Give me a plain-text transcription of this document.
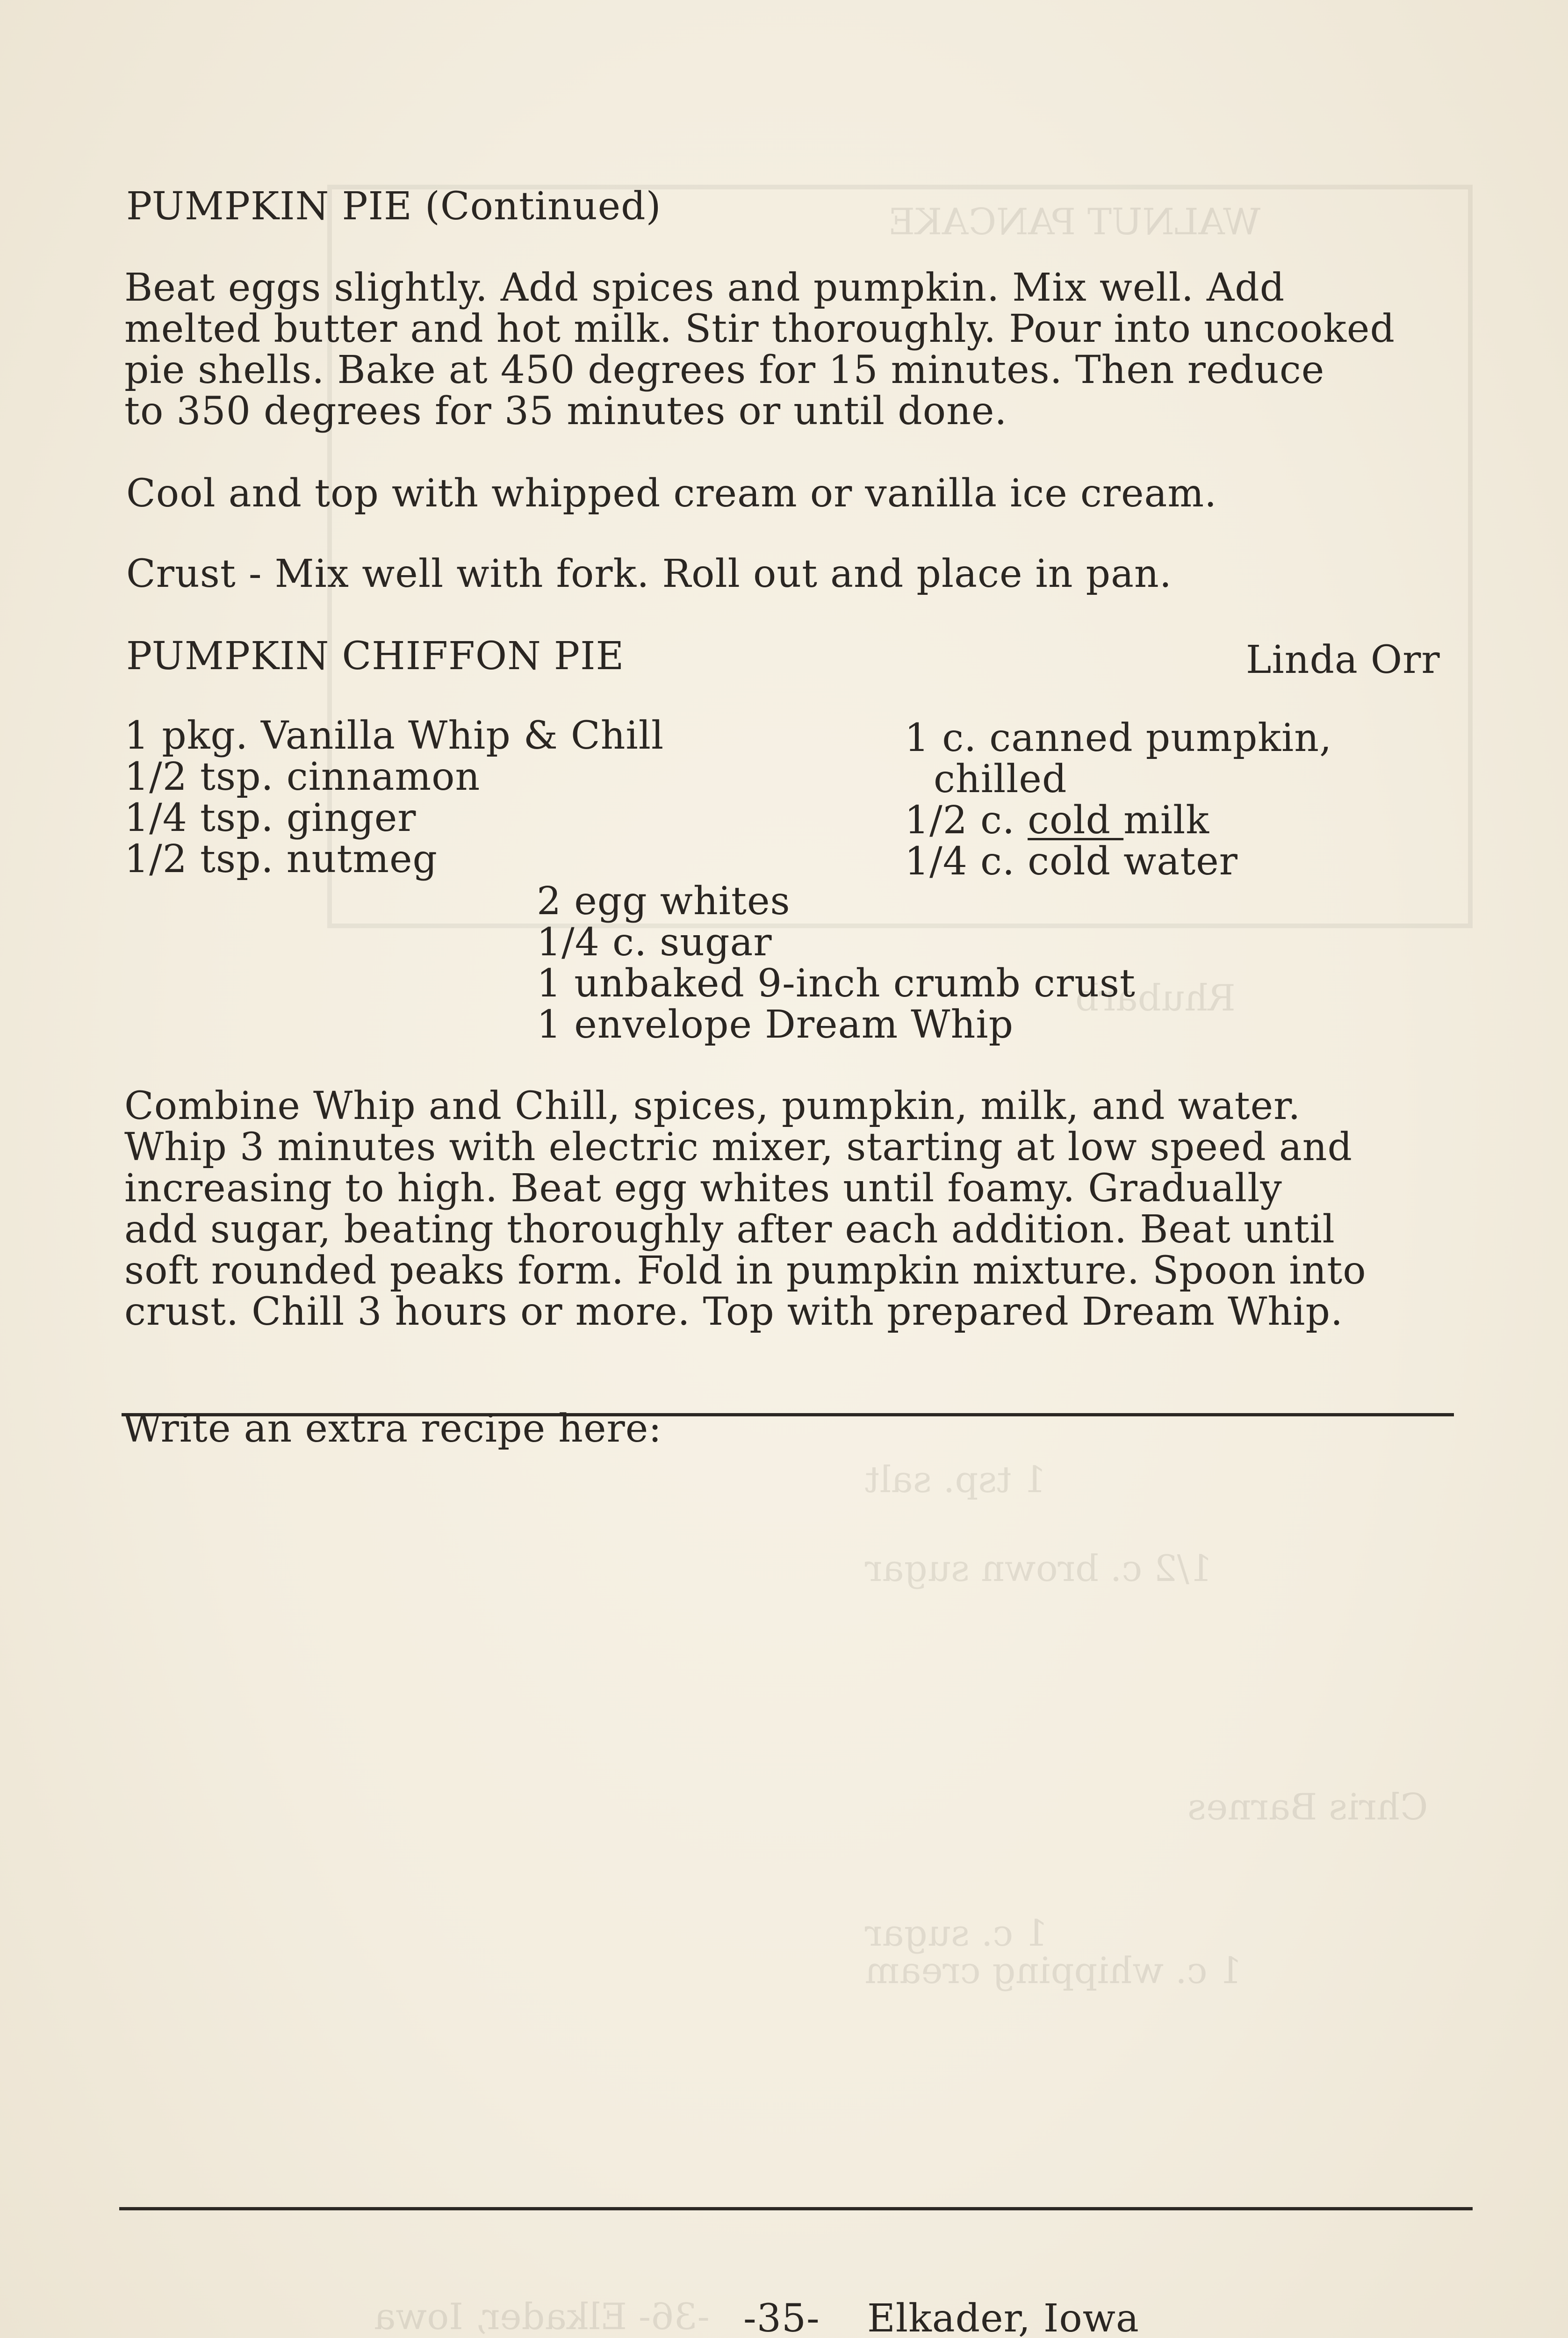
WALNUT PANCAKE
Rhubarb
1 tsp. salt
1/2 c. brown sugar
Chris Barnes
1 c. sugar
1 c. whipping cream
-36- Elkader, Iowa

PUMPKIN PIE (Continued)

Beat eggs slightly. Add spices and pumpkin. Mix well. Add
melted butter and hot milk. Stir thoroughly. Pour into uncooked
pie shells. Bake at 450 degrees for 15 minutes. Then reduce
to 350 degrees for 35 minutes or until done.

Cool and top with whipped cream or vanilla ice cream.

Crust - Mix well with fork. Roll out and place in pan.

PUMPKIN CHIFFON PIE	Linda Orr

1 pkg. Vanilla Whip & Chill
1/2 tsp. cinnamon
1/4 tsp. ginger
1/2 tsp. nutmeg
1 c. canned pumpkin,
chilled
1/2 c. cold milk
1/4 c. cold water
2 egg whites
1/4 c. sugar
1 unbaked 9-inch crumb crust
1 envelope Dream Whip
Combine Whip and Chill, spices, pumpkin, milk, and water.
Whip 3 minutes with electric mixer, starting at low speed and
increasing to high. Beat egg whites until foamy. Gradually
add sugar, beating thoroughly after each addition. Beat until
soft rounded peaks form. Fold in pumpkin mixture. Spoon into
crust. Chill 3 hours or more. Top with prepared Dream Whip.

Write an extra recipe here:

-35- Elkader, Iowa
